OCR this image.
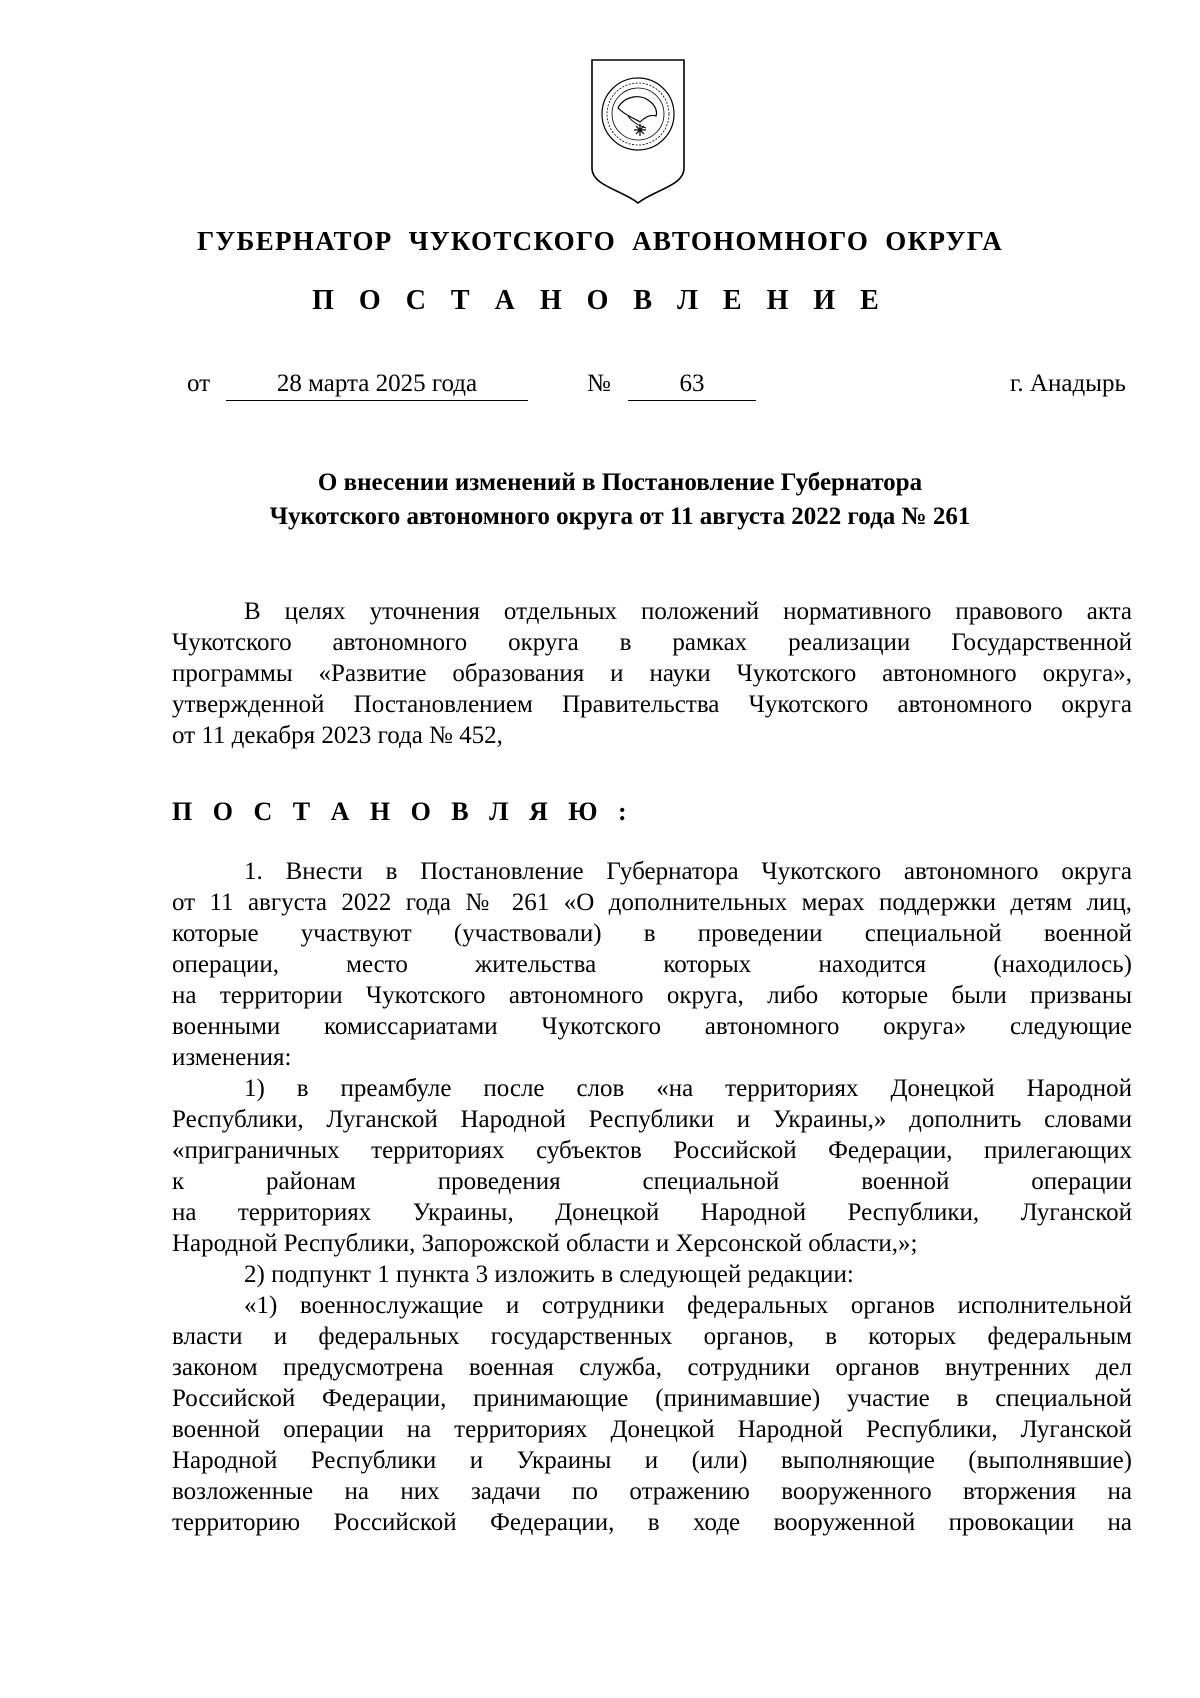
ГУБЕРНАТОР ЧУКОТСКОГО АВТОНОМНОГО ОКРУГА
П О С Т А Н О В Л Е Н И Е
от	28 марта 2025 года	№	63	г. Анадырь
О внесении изменений в Постановление Губернатора
Чукотского автономного округа от 11 августа 2022 года № 261

В целях уточнения отдельных положений нормативного правового акта

Чукотского автономного округа в рамках реализации Государственной

программы «Развитие образования и науки Чукотского автономного округа»,

утвержденной Постановлением Правительства Чукотского автономного округа

от 11 декабря 2023 года № 452,

П О С Т А Н О В Л Я Ю :

1. Внести в Постановление Губернатора Чукотского автономного округа

от 11 августа 2022 года № 261 «О дополнительных мерах поддержки детям лиц,

которые участвуют (участвовали) в проведении специальной военной

операции, место жительства которых находится (находилось)

на территории Чукотского автономного округа, либо которые были призваны

военными комиссариатами Чукотского автономного округа» следующие

изменения:

1) в преамбуле после слов «на территориях Донецкой Народной

Республики, Луганской Народной Республики и Украины,» дополнить словами

«приграничных территориях субъектов Российской Федерации, прилегающих

к районам проведения специальной военной операции

на территориях Украины, Донецкой Народной Республики, Луганской

Народной Республики, Запорожской области и Херсонской области,»;

2) подпункт 1 пункта 3 изложить в следующей редакции:

«1) военнослужащие и сотрудники федеральных органов исполнительной

власти и федеральных государственных органов, в которых федеральным

законом предусмотрена военная служба, сотрудники органов внутренних дел

Российской Федерации, принимающие (принимавшие) участие в специальной

военной операции на территориях Донецкой Народной Республики, Луганской

Народной Республики и Украины и (или) выполняющие (выполнявшие)

возложенные на них задачи по отражению вооруженного вторжения на

территорию Российской Федерации, в ходе вооруженной провокации на
